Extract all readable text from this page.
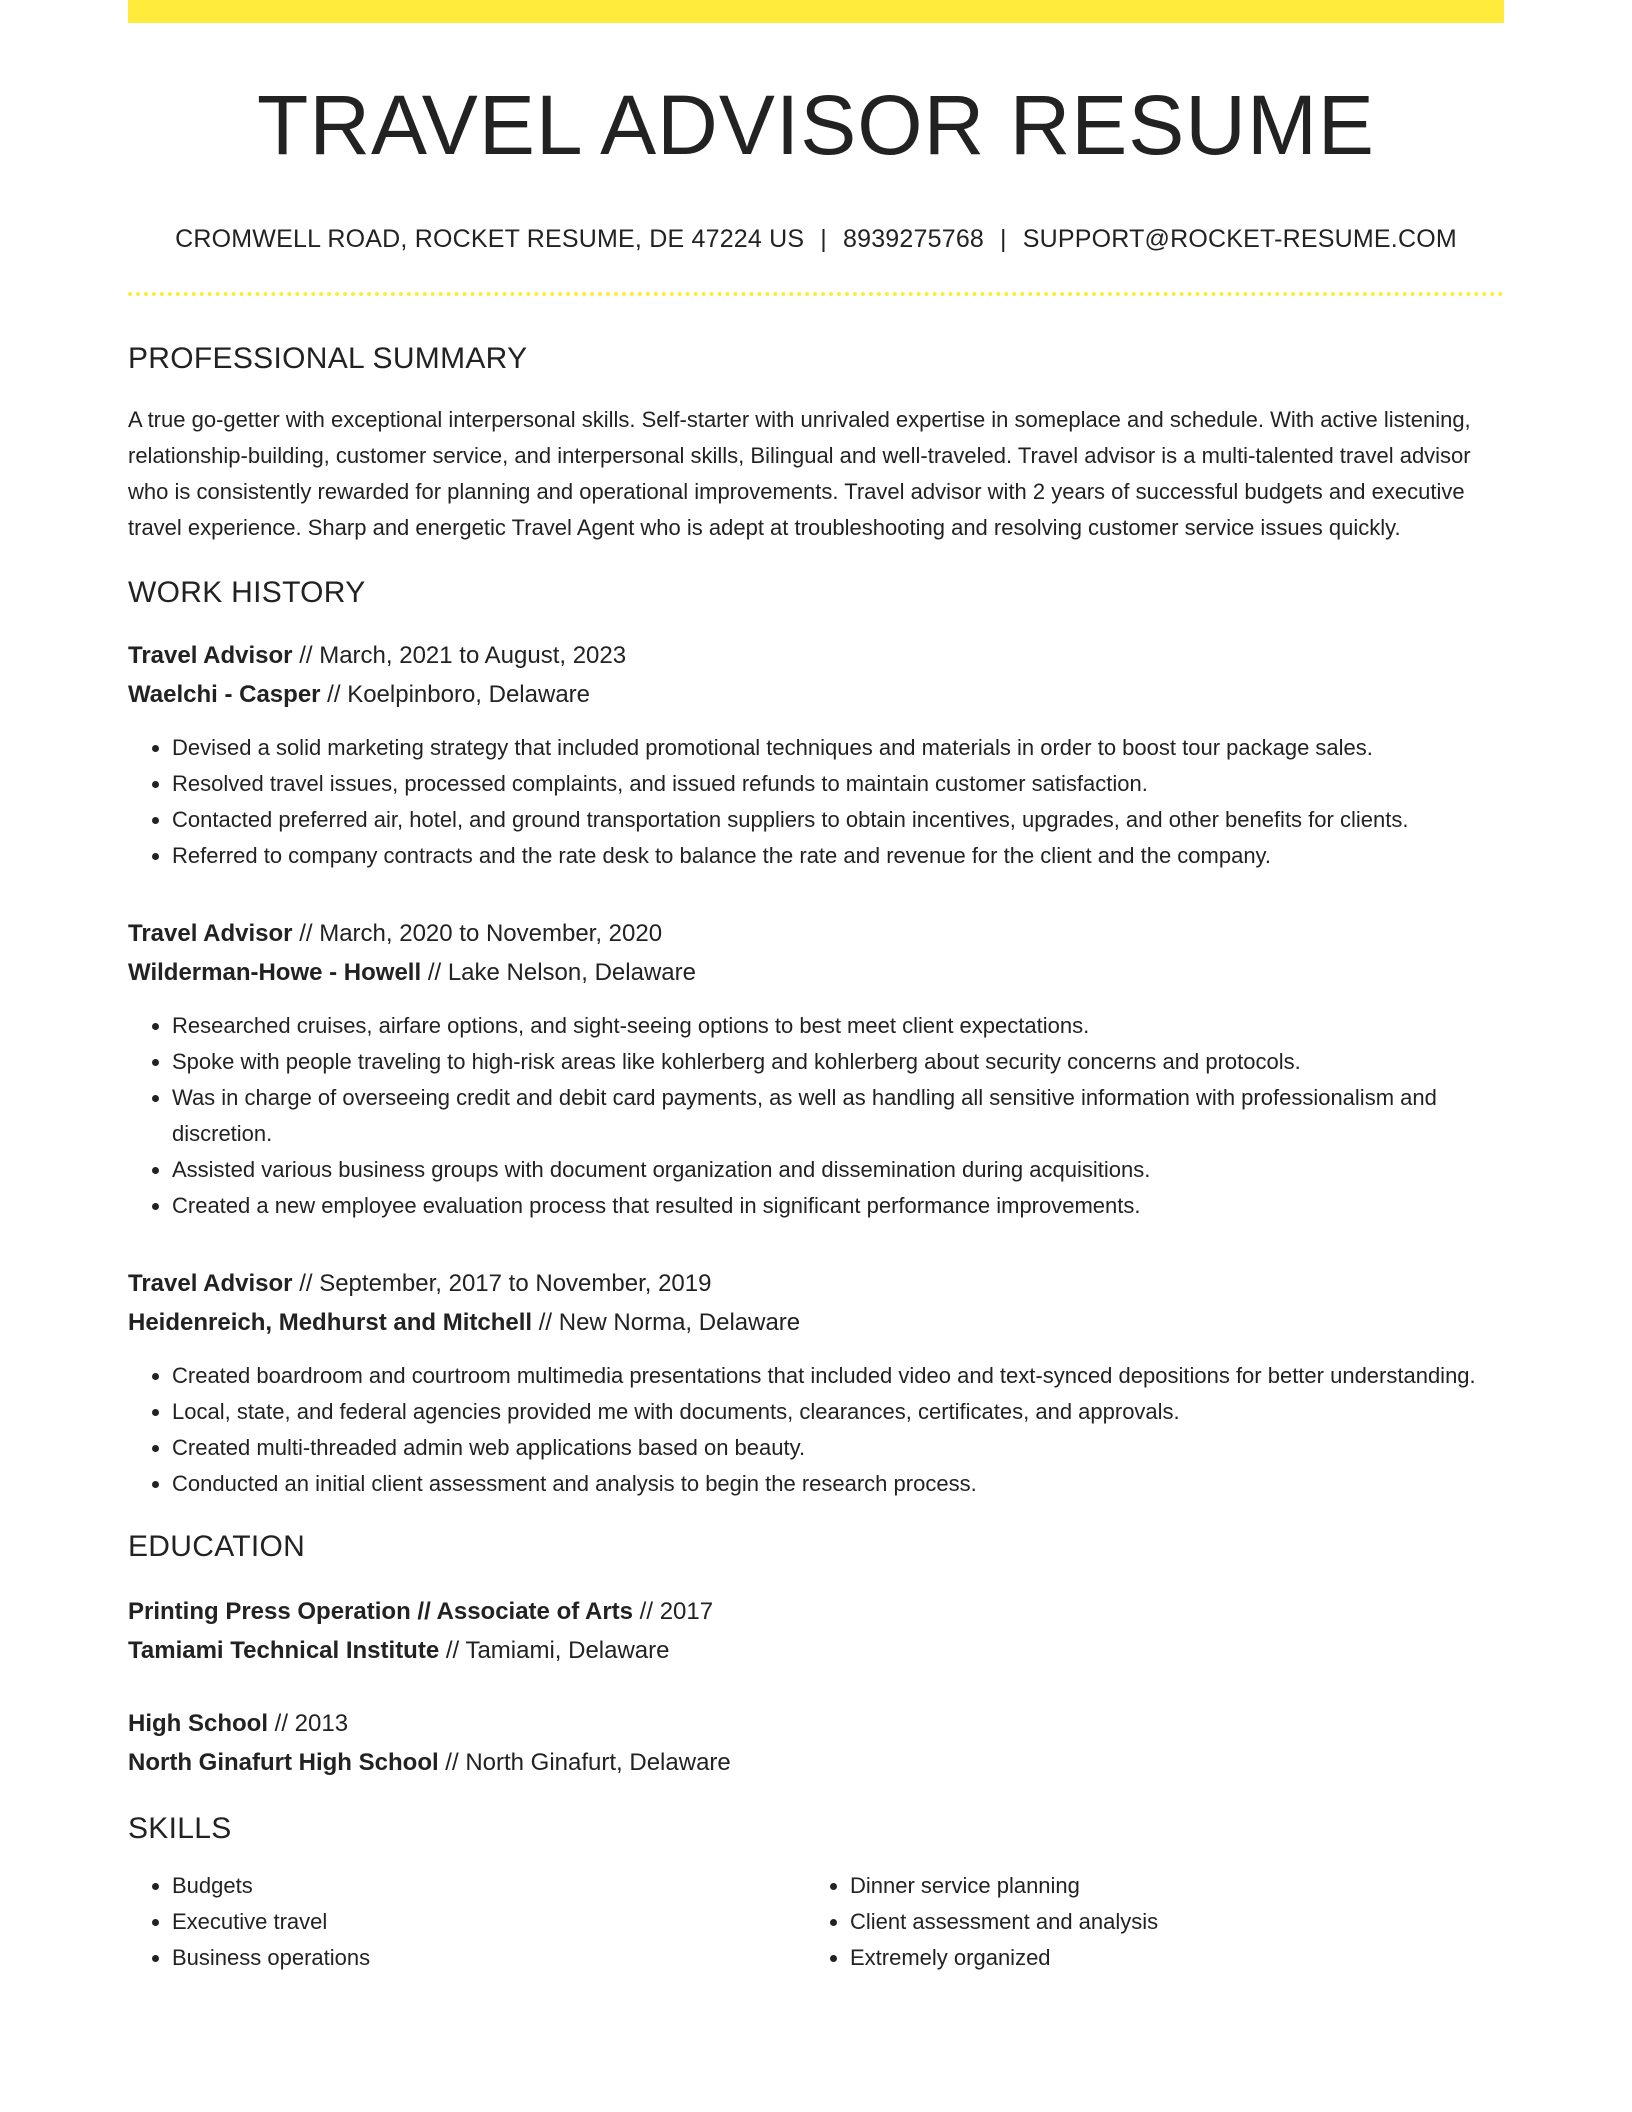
TRAVEL ADVISOR RESUME
CROMWELL ROAD, ROCKET RESUME, DE 47224 US | 8939275768 | SUPPORT@ROCKET-RESUME.COM
PROFESSIONAL SUMMARY
A true go-getter with exceptional interpersonal skills. Self-starter with unrivaled expertise in someplace and schedule. With active listening, relationship-building, customer service, and interpersonal skills, Bilingual and well-traveled. Travel advisor is a multi-talented travel advisor who is consistently rewarded for planning and operational improvements. Travel advisor with 2 years of successful budgets and executive travel experience. Sharp and energetic Travel Agent who is adept at troubleshooting and resolving customer service issues quickly.
WORK HISTORY
Travel Advisor // March, 2021 to August, 2023
Waelchi - Casper // Koelpinboro, Delaware
• Devised a solid marketing strategy that included promotional techniques and materials in order to boost tour package sales.
• Resolved travel issues, processed complaints, and issued refunds to maintain customer satisfaction.
• Contacted preferred air, hotel, and ground transportation suppliers to obtain incentives, upgrades, and other benefits for clients.
• Referred to company contracts and the rate desk to balance the rate and revenue for the client and the company.
Travel Advisor // March, 2020 to November, 2020
Wilderman-Howe - Howell // Lake Nelson, Delaware
• Researched cruises, airfare options, and sight-seeing options to best meet client expectations.
• Spoke with people traveling to high-risk areas like kohlerberg and kohlerberg about security concerns and protocols.
• Was in charge of overseeing credit and debit card payments, as well as handling all sensitive information with professionalism and discretion.
• Assisted various business groups with document organization and dissemination during acquisitions.
• Created a new employee evaluation process that resulted in significant performance improvements.
Travel Advisor // September, 2017 to November, 2019
Heidenreich, Medhurst and Mitchell // New Norma, Delaware
• Created boardroom and courtroom multimedia presentations that included video and text-synced depositions for better understanding.
• Local, state, and federal agencies provided me with documents, clearances, certificates, and approvals.
• Created multi-threaded admin web applications based on beauty.
• Conducted an initial client assessment and analysis to begin the research process.
EDUCATION
Printing Press Operation // Associate of Arts // 2017
Tamiami Technical Institute // Tamiami, Delaware
High School // 2013
North Ginafurt High School // North Ginafurt, Delaware
SKILLS
• Budgets
• Executive travel
• Business operations
• Dinner service planning
• Client assessment and analysis
• Extremely organized
